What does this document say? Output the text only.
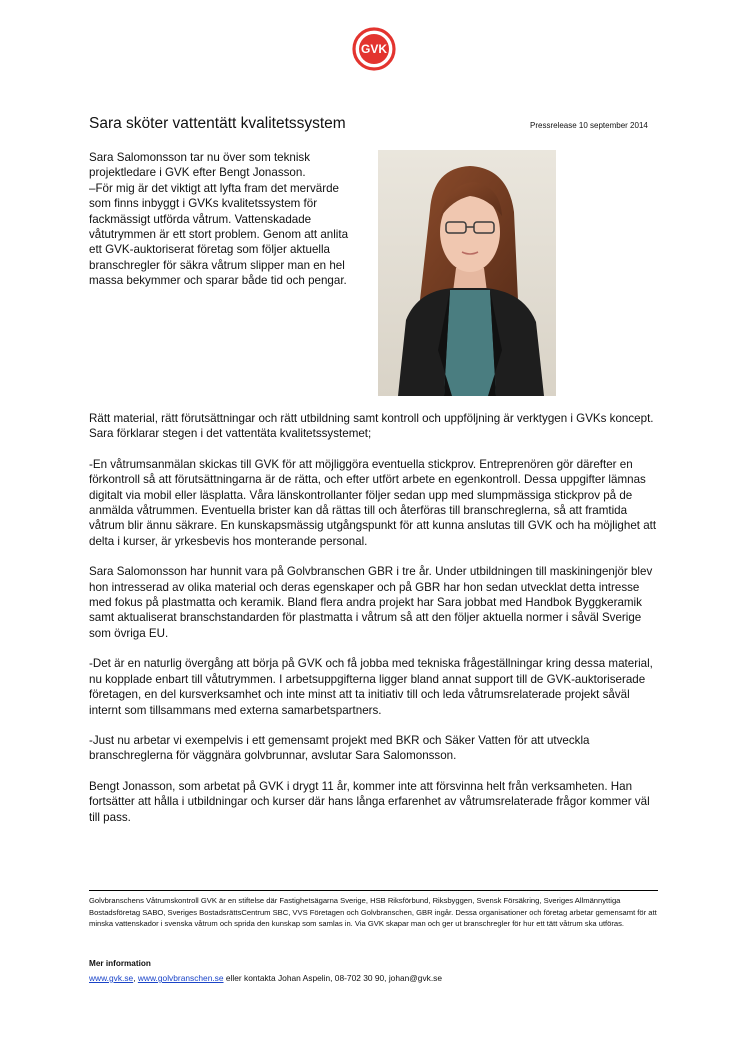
GVK
Sara sköter vattentätt kvalitetssystem	Pressrelease 10 september 2014

Sara Salomonsson tar nu över som teknisk projektledare i GVK efter Bengt Jonasson.
–För mig är det viktigt att lyfta fram det mervärde som finns inbyggt i GVKs kvalitetssystem för fackmässigt utförda våtrum. Vattenskadade våtutrymmen är ett stort problem. Genom att anlita ett GVK-auktoriserat företag som följer aktuella branschregler för säkra våtrum slipper man en hel massa bekymmer och sparar både tid och pengar.

Rätt material, rätt förutsättningar och rätt utbildning samt kontroll och uppföljning är verktygen i GVKs koncept. Sara förklarar stegen i det vattentäta kvalitetssystemet;

-En våtrumsanmälan skickas till GVK för att möjliggöra eventuella stickprov. Entreprenören gör därefter en förkontroll så att förutsättningarna är de rätta, och efter utfört arbete en egenkontroll. Dessa uppgifter lämnas digitalt via mobil eller läsplatta. Våra länskontrollanter följer sedan upp med slumpmässiga stickprov på de anmälda våtrummen. Eventuella brister kan då rättas till och återföras till branschreglerna, så att framtida våtrum blir ännu säkrare. En kunskapsmässig utgångspunkt för att kunna anslutas till GVK och ha möjlighet att delta i kurser, är yrkesbevis hos monterande personal.

Sara Salomonsson har hunnit vara på Golvbranschen GBR i tre år. Under utbildningen till maskiningenjör blev hon intresserad av olika material och deras egenskaper och på GBR har hon sedan utvecklat detta intresse med fokus på plastmatta och keramik. Bland flera andra projekt har Sara jobbat med Handbok Byggkeramik samt aktualiserat branschstandarden för plastmatta i våtrum så att den följer aktuella normer i såväl Sverige som övriga EU.

-Det är en naturlig övergång att börja på GVK och få jobba med tekniska frågeställningar kring dessa material, nu kopplade enbart till våtutrymmen. I arbetsuppgifterna ligger bland annat support till de GVK-auktoriserade företagen, en del kursverksamhet och inte minst att ta initiativ till och leda våtrumsrelaterade projekt såväl internt som tillsammans med externa samarbetspartners.

-Just nu arbetar vi exempelvis i ett gemensamt projekt med BKR och Säker Vatten för att utveckla branschreglerna för väggnära golvbrunnar, avslutar Sara Salomonsson.

Bengt Jonasson, som arbetat på GVK i drygt 11 år, kommer inte att försvinna helt från verksamheten. Han fortsätter att hålla i utbildningar och kurser där hans långa erfarenhet av våtrumsrelaterade frågor kommer väl till pass.

Golvbranschens Våtrumskontroll GVK är en stiftelse där Fastighetsägarna Sverige, HSB Riksförbund, Riksbyggen, Svensk Försäkring, Sveriges Allmännyttiga Bostadsföretag SABO, Sveriges BostadsrättsCentrum SBC, VVS Företagen och Golvbranschen, GBR ingår. Dessa organisationer och företag arbetar gemensamt för att minska vattenskador i svenska våtrum och sprida den kunskap som samlas in. Via GVK skapar man och ger ut branschregler för hur ett tätt våtrum ska utföras.

Mer information
www.gvk.se, www.golvbranschen.se eller kontakta Johan Aspelin, 08-702 30 90, johan@gvk.se
